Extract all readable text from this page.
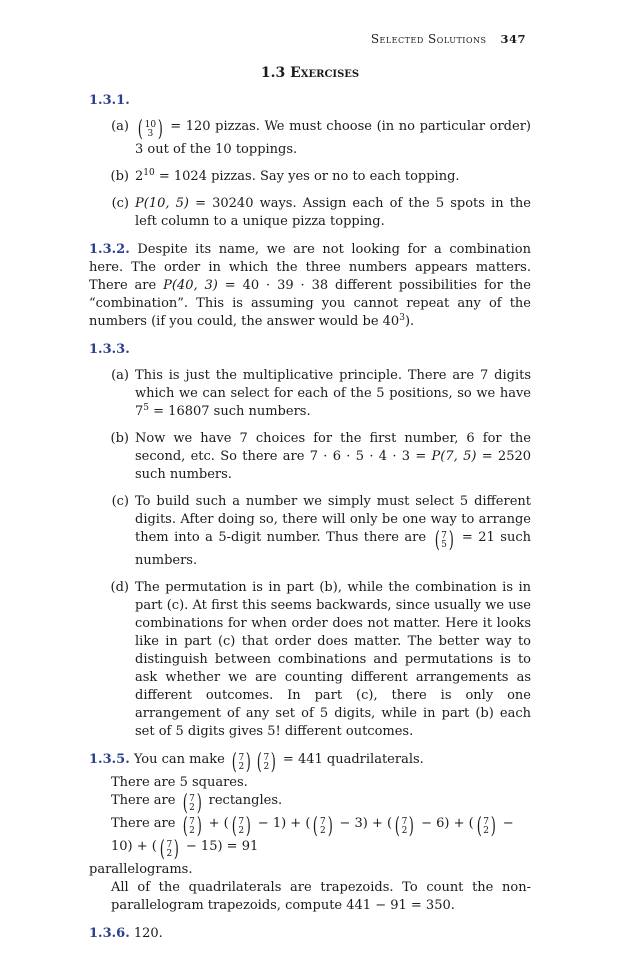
Selected Solutions 347
1.3 Exercises

1.3.1.

(a) ( 10
3 ) = 120 pizzas. We must choose (in no particular order) 3 out of the 10 toppings.
(b) $2^{10} = 1024$ pizzas. Say yes or no to each topping.
(c) P(10, 5) = 30240 ways. Assign each of the 5 spots in the left column to a unique pizza topping.

1.3.2. Despite its name, we are not looking for a combination here. The order in which the three numbers appears matters. There are P(40, 3) = 40 · 39 · 38 different possibilities for the “combination”. This is assuming you cannot repeat any of the numbers (if you could, the answer would be $40^3$).

1.3.3.

(a) This is just the multiplicative principle. There are 7 digits which we can select for each of the 5 positions, so we have $7^5 = 16807$ such numbers.
(b) Now we have 7 choices for the first number, 6 for the second, etc. So there are 7 · 6 · 5 · 4 · 3 = P(7, 5) = 2520 such numbers.
(c) To build such a number we simply must select 5 different digits. After doing so, there will only be one way to arrange them into a 5-digit number. Thus there are ( 7
5 ) = 21 such numbers.
(d) The permutation is in part (b), while the combination is in part (c). At first this seems backwards, since usually we use combinations for when order does not matter. Here it looks like in part (c) that order does matter. The better way to distinguish between combinations and permutations is to ask whether we are counting different arrangements as different outcomes. In part (c), there is only one arrangement of any set of 5 digits, while in part (b) each set of 5 digits gives 5! different outcomes.

1.3.5. You can make ( 7
2 ) ( 7
2 ) = 441 quadrilaterals.

There are 5 squares.

There are ( 7
2 ) rectangles.

There are ( 7
2 ) + ( ( 7
2 ) − 1) + ( ( 7
2 ) − 3) + ( ( 7
2 ) − 6) + ( ( 7
2 ) − 10) + ( ( 7
2 ) − 15) = 91

parallelograms.

All of the quadrilaterals are trapezoids. To count the non-parallelogram trapezoids, compute 441 − 91 = 350.

1.3.6. 120.
